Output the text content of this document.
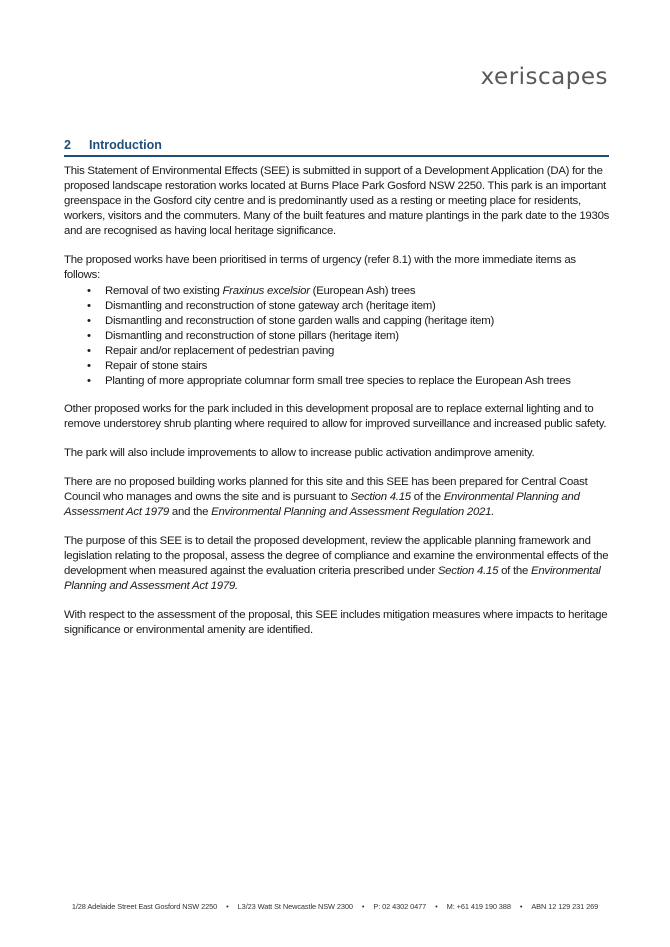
xeriscapes
2 Introduction

This Statement of Environmental Effects (SEE) is submitted in support of a Development Application (DA) for the proposed landscape restoration works located at Burns Place Park Gosford NSW 2250. This park is an important greenspace in the Gosford city centre and is predominantly used as a resting or meeting place for residents, workers, visitors and the commuters. Many of the built features and mature plantings in the park date to the 1930s and are recognised as having local heritage significance.

The proposed works have been prioritised in terms of urgency (refer 8.1) with the more immediate items as follows:

• Removal of two existing Fraxinus excelsior (European Ash) trees
• Dismantling and reconstruction of stone gateway arch (heritage item)
• Dismantling and reconstruction of stone garden walls and capping (heritage item)
• Dismantling and reconstruction of stone pillars (heritage item)
• Repair and/or replacement of pedestrian paving
• Repair of stone stairs
• Planting of more appropriate columnar form small tree species to replace the European Ash trees

Other proposed works for the park included in this development proposal are to replace external lighting and to remove understorey shrub planting where required to allow for improved surveillance and increased public safety.

The park will also include improvements to allow to increase public activation andimprove amenity.

There are no proposed building works planned for this site and this SEE has been prepared for Central Coast Council who manages and owns the site and is pursuant to Section 4.15 of the Environmental Planning and Assessment Act 1979 and the Environmental Planning and Assessment Regulation 2021.

The purpose of this SEE is to detail the proposed development, review the applicable planning framework and legislation relating to the proposal, assess the degree of compliance and examine the environmental effects of the development when measured against the evaluation criteria prescribed under Section 4.15 of the Environmental Planning and Assessment Act 1979.

With respect to the assessment of the proposal, this SEE includes mitigation measures where impacts to heritage significance or environmental amenity are identified.

1/28 Adelaide Street East Gosford NSW 2250 • L3/23 Watt St Newcastle NSW 2300 • P: 02 4302 0477 • M: +61 419 190 388 • ABN 12 129 231 269
